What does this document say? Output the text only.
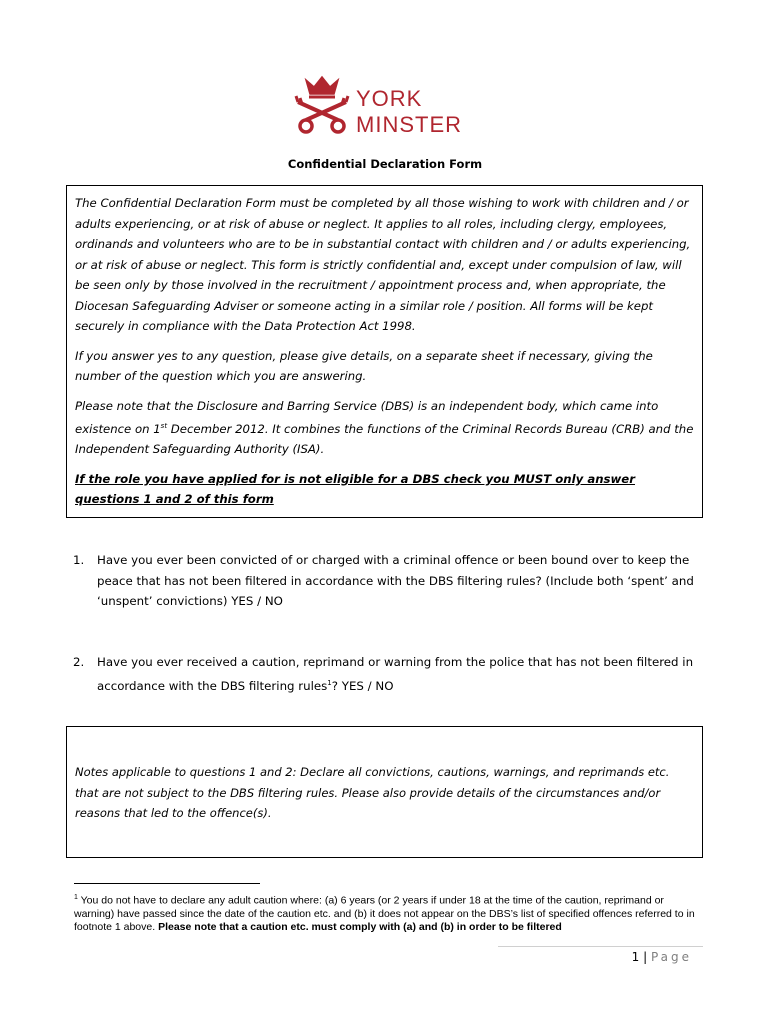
YORK
MINSTER
Confidential Declaration Form

The Confidential Declaration Form must be completed by all those wishing to work with children and / or adults experiencing, or at risk of abuse or neglect. It applies to all roles, including clergy, employees, ordinands and volunteers who are to be in substantial contact with children and / or adults experiencing, or at risk of abuse or neglect. This form is strictly confidential and, except under compulsion of law, will be seen only by those involved in the recruitment / appointment process and, when appropriate, the Diocesan Safeguarding Adviser or someone acting in a similar role / position. All forms will be kept securely in compliance with the Data Protection Act 1998.

If you answer yes to any question, please give details, on a separate sheet if necessary, giving the number of the question which you are answering.

Please note that the Disclosure and Barring Service (DBS) is an independent body, which came into existence on 1st December 2012. It combines the functions of the Criminal Records Bureau (CRB) and the Independent Safeguarding Authority (ISA).

If the role you have applied for is not eligible for a DBS check you MUST only answer questions 1 and 2 of this form

1. Have you ever been convicted of or charged with a criminal offence or been bound over to keep the peace that has not been filtered in accordance with the DBS filtering rules? (Include both ‘spent’ and ‘unspent’ convictions) YES / NO
2. Have you ever received a caution, reprimand or warning from the police that has not been filtered in accordance with the DBS filtering rules$^1$? YES / NO

Notes applicable to questions 1 and 2: Declare all convictions, cautions, warnings, and reprimands etc. that are not subject to the DBS filtering rules. Please also provide details of the circumstances and/or reasons that led to the offence(s).

$^1$ You do not have to declare any adult caution where: (a) 6 years (or 2 years if under 18 at the time of the caution, reprimand or warning) have passed since the date of the caution etc. and (b) it does not appear on the DBS’s list of specified offences referred to in footnote 1 above. Please note that a caution etc. must comply with (a) and (b) in order to be filtered
1 | Page
